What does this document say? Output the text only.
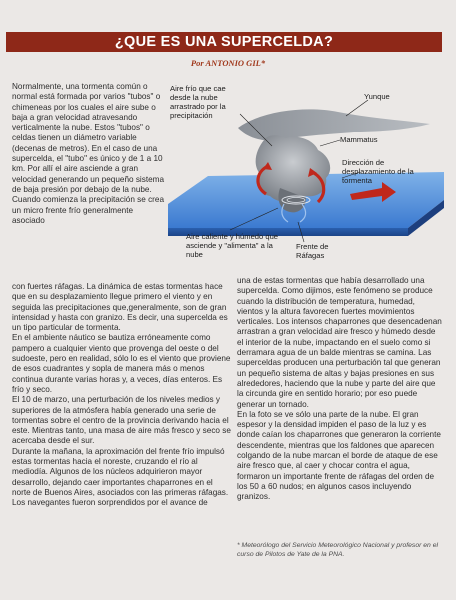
¿QUE ES UNA SUPERCELDA?
Por ANTONIO GIL*
Aire frío que cae desde la nube arrastrado por la precipitación
Yunque
Mammatus
Dirección de desplazamiento de la tormenta
Aire caliente y húmedo que asciende y "alimenta" a la nube
Frente de Ráfagas

Normalmente, una tormenta común o normal está formada por varios "tubos" o chimeneas por los cuales el aire sube o baja a gran velocidad atravesando verticalmente la nube. Estos "tubos" o celdas tienen un diámetro variable (decenas de metros). En el caso de una supercelda, el "tubo" es único y de 1 a 10 km. Por allí el aire asciende a gran velocidad generando un pequeño sistema de baja presión por debajo de la nube. Cuando comienza la precipitación se crea un micro frente frío generalmente asociado

con fuertes ráfagas. La dinámica de estas tormentas hace que en su desplazamiento llegue primero el viento y en seguida las precipitaciones que,generalmente, son de gran intensidad y hasta con granizo. Es decir, una supercelda es un tipo particular de tormenta.

En el ambiente náutico se bautiza erróneamente como pampero a cualquier viento que provenga del oeste o del sudoeste, pero en realidad, sólo lo es el viento que proviene de esos cuadrantes y sopla de manera más o menos continua durante varias horas y, a veces, días enteros. Es frío y seco.

El 10 de marzo, una perturbación de los niveles medios y superiores de la atmósfera había generado una serie de tormentas sobre el centro de la provincia derivando hacia el este. Mientras tanto, una masa de aire más fresco y seco se acercaba desde el sur.

Durante la mañana, la aproximación del frente frío impulsó estas tormentas hacia el noreste, cruzando el río al mediodía. Algunos de los núcleos adquirieron mayor desarrollo, dejando caer importantes chaparrones en el norte de Buenos Aires, asociados con las primeras ráfagas. Los navegantes fueron sorprendidos por el avance de

una de estas tormentas que había desarrollado una supercelda. Como dijimos, este fenómeno se produce cuando la distribución de temperatura, humedad, vientos y la altura favorecen fuertes movimientos verticales. Los intensos chaparrones que desencadenan arrastran a gran velocidad aire fresco y húmedo desde el interior de la nube, impactando en el suelo como si derramara agua de un balde mientras se camina. Las superceldas producen una perturbación tal que generan un pequeño sistema de altas y bajas presiones en sus alrededores, haciendo que la nube y parte del aire que la circunda gire en sentido horario; por eso puede generar un tornado.

En la foto se ve sólo una parte de la nube. El gran espesor y la densidad impiden el paso de la luz y es donde caían los chaparrones que generaron la corriente descendente, mientras que los faldones que aparecen colgando de la nube marcan el borde de ataque de ese aire fresco que, al caer y chocar contra el agua, formaron un importante frente de ráfagas del orden de los 50 a 60 nudos; en algunos casos incluyendo granizos.

* Meteorólogo del Servicio Meteorológico Nacional y profesor en el curso de Pilotos de Yate de la PNA.
